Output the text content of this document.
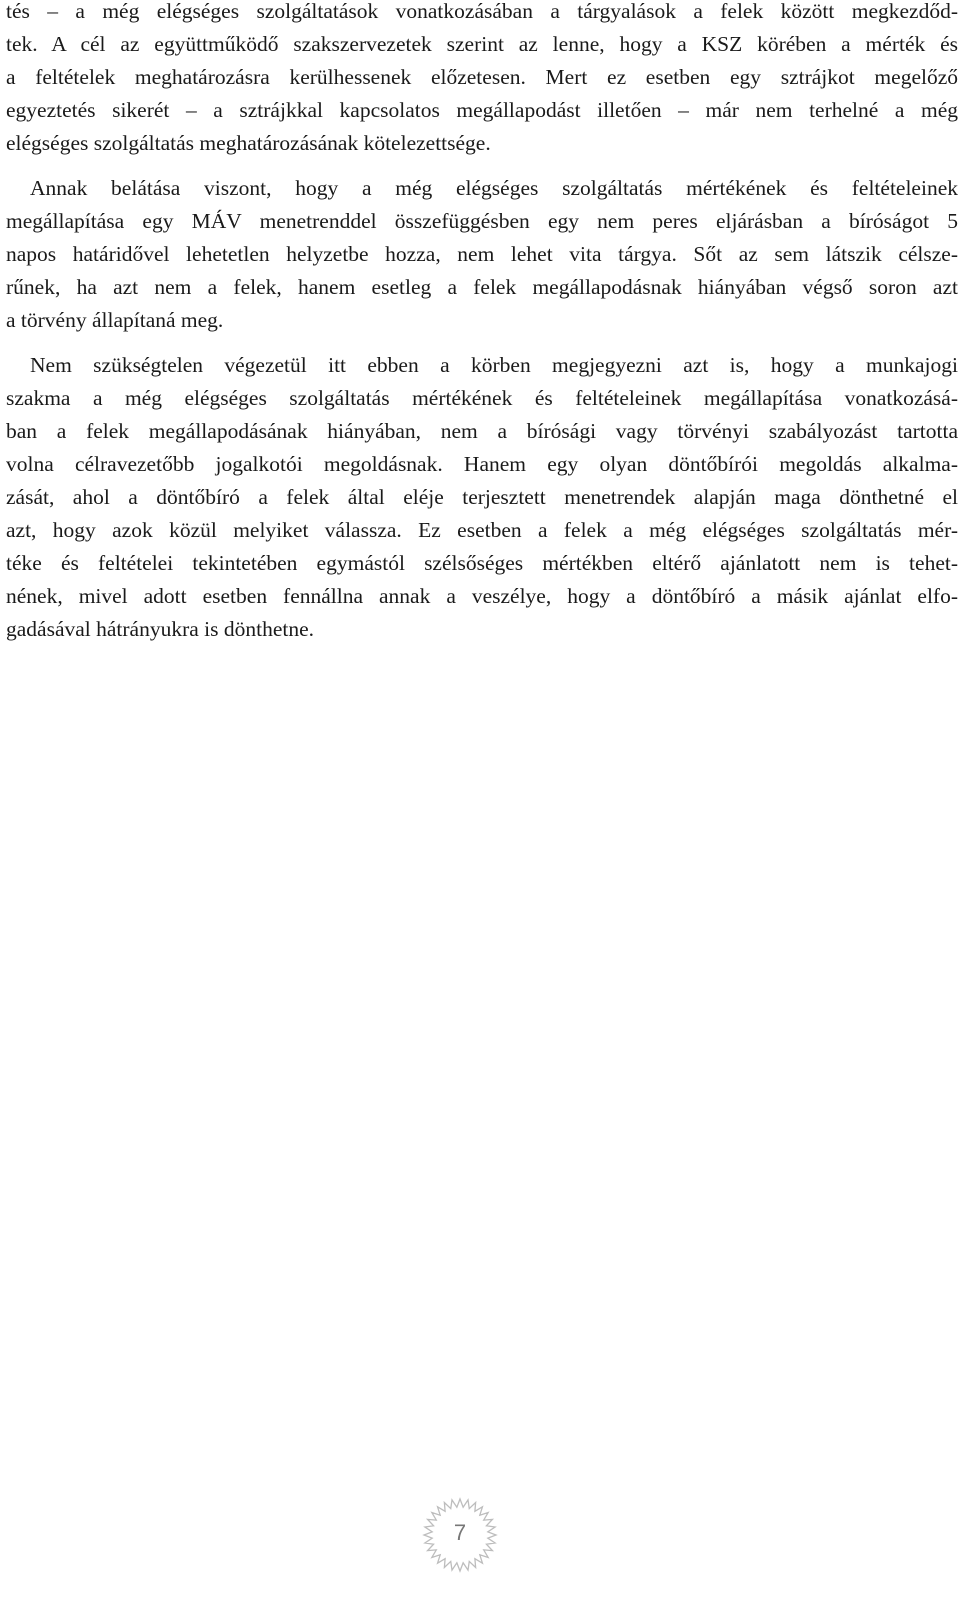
tés – a még elégséges szolgáltatások vonatkozásában a tárgyalások a felek között megkezdőd-
tek. A cél az együttműködő szakszervezetek szerint az lenne, hogy a KSZ körében a mérték és
a feltételek meghatározásra kerülhessenek előzetesen. Mert ez esetben egy sztrájkot megelőző
egyeztetés sikerét – a sztrájkkal kapcsolatos megállapodást illetően – már nem terhelné a még
elégséges szolgáltatás meghatározásának kötelezettsége.
Annak belátása viszont, hogy a még elégséges szolgáltatás mértékének és feltételeinek
megállapítása egy MÁV menetrenddel összefüggésben egy nem peres eljárásban a bíróságot 5
napos határidővel lehetetlen helyzetbe hozza, nem lehet vita tárgya. Sőt az sem látszik célsze-
rűnek, ha azt nem a felek, hanem esetleg a felek megállapodásnak hiányában végső soron azt
a törvény állapítaná meg.
Nem szükségtelen végezetül itt ebben a körben megjegyezni azt is, hogy a munkajogi
szakma a még elégséges szolgáltatás mértékének és feltételeinek megállapítása vonatkozásá-
ban a felek megállapodásának hiányában, nem a bírósági vagy törvényi szabályozást tartotta
volna célravezetőbb jogalkotói megoldásnak. Hanem egy olyan döntőbírói megoldás alkalma-
zását, ahol a döntőbíró a felek által eléje terjesztett menetrendek alapján maga dönthetné el
azt, hogy azok közül melyiket válassza. Ez esetben a felek a még elégséges szolgáltatás mér-
téke és feltételei tekintetében egymástól szélsőséges mértékben eltérő ajánlatott nem is tehet-
nének, mivel adott esetben fennállna annak a veszélye, hogy a döntőbíró a másik ajánlat elfo-
gadásával hátrányukra is dönthetne.
7
